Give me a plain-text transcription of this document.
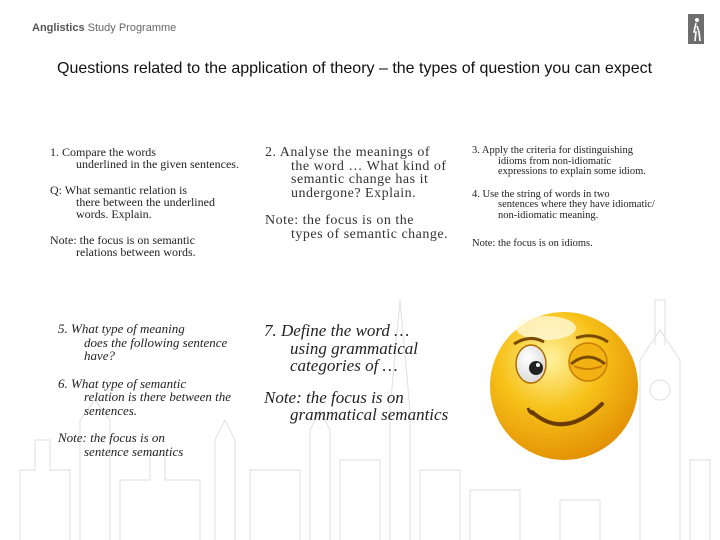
Anglistics Study Programme
Questions related to the application of theory – the types of question you can expect

1. Compare the words
underlined in the given sentences.

Q: What semantic relation is
there between the underlined words. Explain.

Note: the focus is on semantic
relations between words.

2. Analyse the meanings of
the word … What kind of semantic change has it undergone? Explain.

Note: the focus is on the
types of semantic change.

3. Apply the criteria for distinguishing
idioms from non-idiomatic expressions to explain some idiom.

4. Use the string of words in two
sentences where they have idiomatic/ non-idiomatic meaning.

Note: the focus is on idioms.

5. What type of meaning
does the following sentence have?

6. What type of semantic
relation is there between the sentences.

Note: the focus is on
sentence semantics

7. Define the word …
using grammatical categories of …

Note: the focus is on
grammatical semantics
